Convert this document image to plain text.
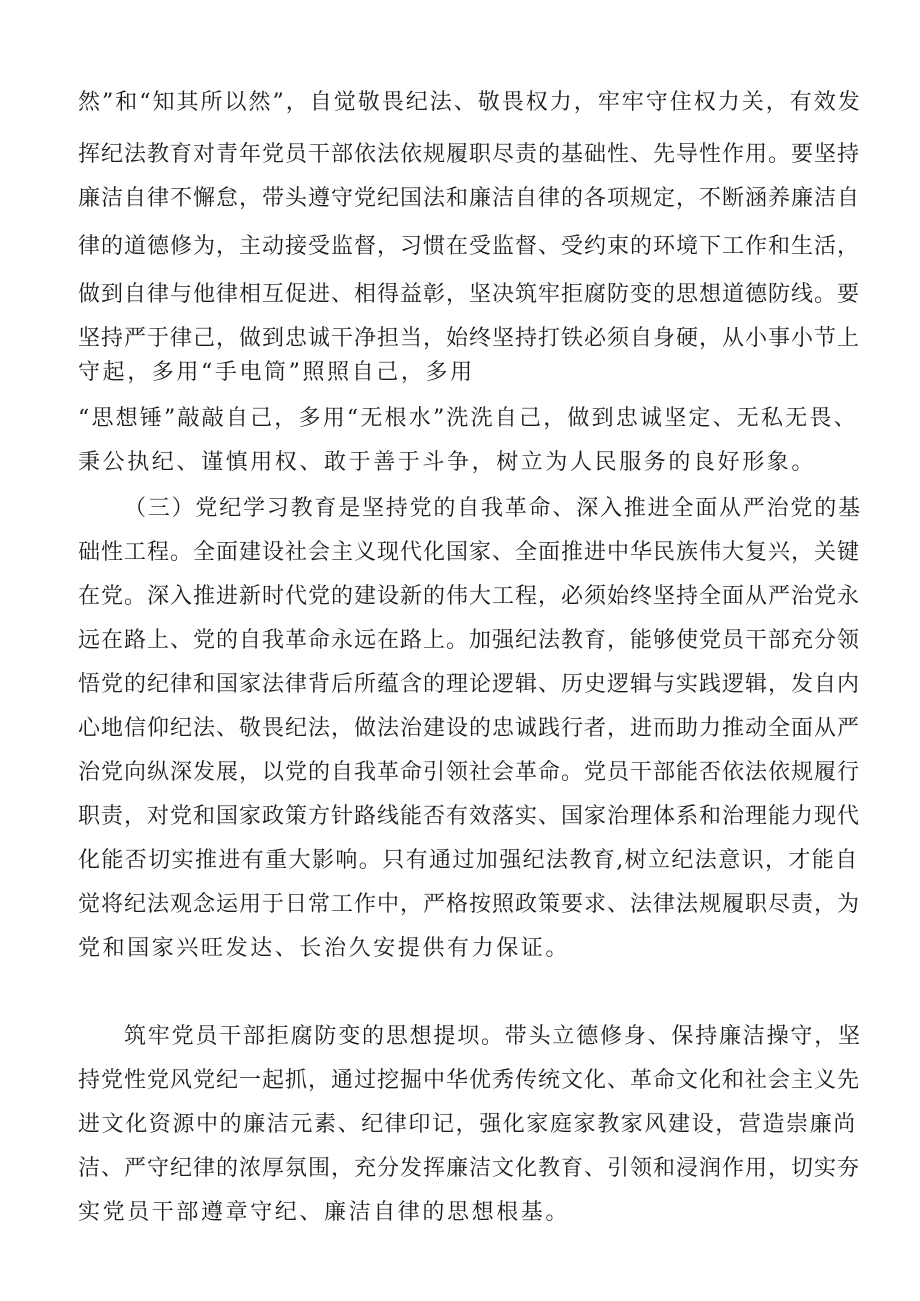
然”和“知其所以然”，自觉敬畏纪法、敬畏权力，牢牢守住权力关，有效发
挥纪法教育对青年党员干部依法依规履职尽责的基础性、先导性作用。要坚持
廉洁自律不懈怠，带头遵守党纪国法和廉洁自律的各项规定，不断涵养廉洁自
律的道德修为，主动接受监督，习惯在受监督、受约束的环境下工作和生活，
做到自律与他律相互促进、相得益彰，坚决筑牢拒腐防变的思想道德防线。要
坚持严于律己，做到忠诚干净担当，始终坚持打铁必须自身硬，从小事小节上
守起，多用“手电筒”照照自己，多用
“思想锤”敲敲自己，多用“无根水”洗洗自己，做到忠诚坚定、无私无畏、
秉公执纪、谨慎用权、敢于善于斗争，树立为人民服务的良好形象。
（三）党纪学习教育是坚持党的自我革命、深入推进全面从严治党的基
础性工程。全面建设社会主义现代化国家、全面推进中华民族伟大复兴，关键
在党。深入推进新时代党的建设新的伟大工程，必须始终坚持全面从严治党永
远在路上、党的自我革命永远在路上。加强纪法教育，能够使党员干部充分领
悟党的纪律和国家法律背后所蕴含的理论逻辑、历史逻辑与实践逻辑，发自内
心地信仰纪法、敬畏纪法，做法治建设的忠诚践行者，进而助力推动全面从严
治党向纵深发展，以党的自我革命引领社会革命。党员干部能否依法依规履行
职责，对党和国家政策方针路线能否有效落实、国家治理体系和治理能力现代
化能否切实推进有重大影响。只有通过加强纪法教育,树立纪法意识，才能自
觉将纪法观念运用于日常工作中，严格按照政策要求、法律法规履职尽责，为
党和国家兴旺发达、长治久安提供有力保证。
筑牢党员干部拒腐防变的思想提坝。带头立德修身、保持廉洁操守，坚
持党性党风党纪一起抓，通过挖掘中华优秀传统文化、革命文化和社会主义先
进文化资源中的廉洁元素、纪律印记，强化家庭家教家风建设，营造崇廉尚
洁、严守纪律的浓厚氛围，充分发挥廉洁文化教育、引领和浸润作用，切实夯
实党员干部遵章守纪、廉洁自律的思想根基。
